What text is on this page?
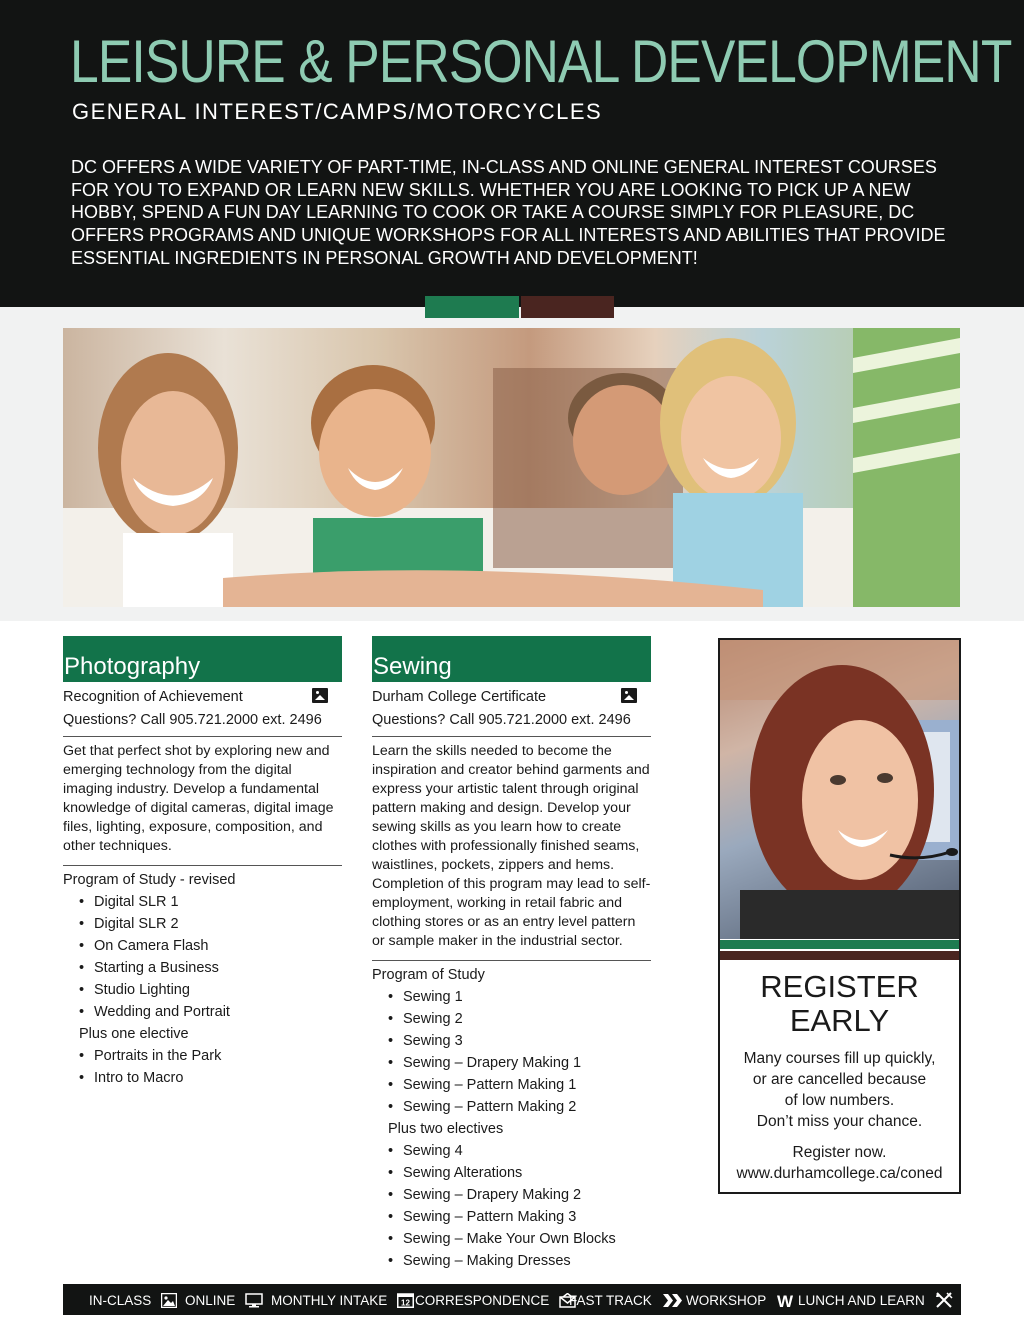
LEISURE & PERSONAL DEVELOPMENT
GENERAL INTEREST/CAMPS/MOTORCYCLES
DC OFFERS A WIDE VARIETY OF PART-TIME, IN-CLASS AND ONLINE GENERAL INTEREST COURSES FOR YOU TO EXPAND OR LEARN NEW SKILLS. WHETHER YOU ARE LOOKING TO PICK UP A NEW HOBBY, SPEND A FUN DAY LEARNING TO COOK OR TAKE A COURSE SIMPLY FOR PLEASURE, DC OFFERS PROGRAMS AND UNIQUE WORKSHOPS FOR ALL INTERESTS AND ABILITIES THAT PROVIDE ESSENTIAL INGREDIENTS IN PERSONAL GROWTH AND DEVELOPMENT!
Photography
Recognition of Achievement
Questions? Call 905.721.2000 ext. 2496
Get that perfect shot by exploring new and emerging technology from the digital imaging industry. Develop a fundamental knowledge of digital cameras, digital image files, lighting, exposure, composition, and other techniques.
Program of Study - revised
• Digital SLR 1
• Digital SLR 2
• On Camera Flash
• Starting a Business
• Studio Lighting
• Wedding and Portrait
Plus one elective
• Portraits in the Park
• Intro to Macro
Sewing
Durham College Certificate
Questions? Call 905.721.2000 ext. 2496
Learn the skills needed to become the inspiration and creator behind garments and express your artistic talent through original pattern making and design. Develop your sewing skills as you learn how to create clothes with professionally finished seams, waistlines, pockets, zippers and hems. Completion of this program may lead to self-employment, working in retail fabric and clothing stores or as an entry level pattern or sample maker in the industrial sector.
Program of Study
• Sewing 1
• Sewing 2
• Sewing 3
• Sewing – Drapery Making 1
• Sewing – Pattern Making 1
• Sewing – Pattern Making 2
Plus two electives
• Sewing 4
• Sewing Alterations
• Sewing – Drapery Making 2
• Sewing – Pattern Making 3
• Sewing – Make Your Own Blocks
• Sewing – Making Dresses
REGISTER
EARLY
Many courses fill up quickly,
or are cancelled because
of low numbers.
Don’t miss your chance.
Register now.
www.durhamcollege.ca/coned
IN-CLASS	ONLINE	MONTHLY INTAKE 12 CORRESPONDENCE	FAST TRACK	WORKSHOP W LUNCH AND LEARN
